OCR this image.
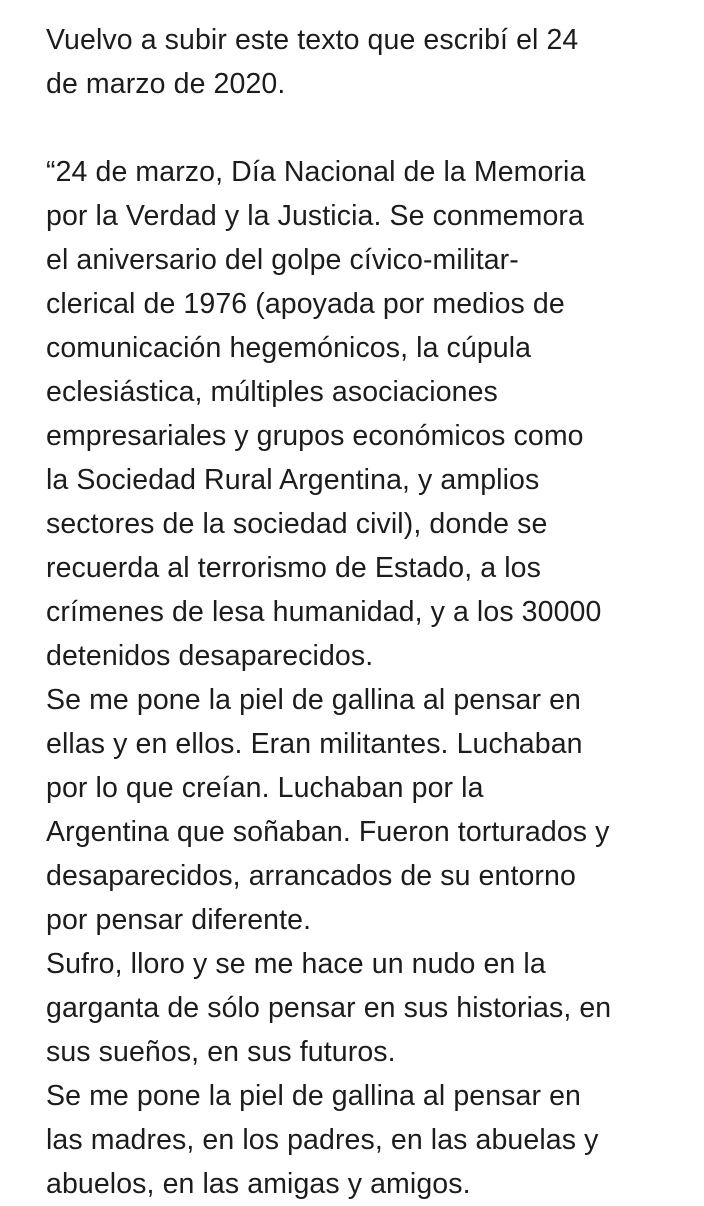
Vuelvo a subir este texto que escribí el 24
de marzo de 2020.
“24 de marzo, Día Nacional de la Memoria
por la Verdad y la Justicia. Se conmemora
el aniversario del golpe cívico-militar-
clerical de 1976 (apoyada por medios de
comunicación hegemónicos, la cúpula
eclesiástica, múltiples asociaciones
empresariales y grupos económicos como
la Sociedad Rural Argentina, y amplios
sectores de la sociedad civil), donde se
recuerda al terrorismo de Estado, a los
crímenes de lesa humanidad, y a los 30000
detenidos desaparecidos.
Se me pone la piel de gallina al pensar en
ellas y en ellos. Eran militantes. Luchaban
por lo que creían. Luchaban por la
Argentina que soñaban. Fueron torturados y
desaparecidos, arrancados de su entorno
por pensar diferente.
Sufro, lloro y se me hace un nudo en la
garganta de sólo pensar en sus historias, en
sus sueños, en sus futuros.
Se me pone la piel de gallina al pensar en
las madres, en los padres, en las abuelas y
abuelos, en las amigas y amigos.
